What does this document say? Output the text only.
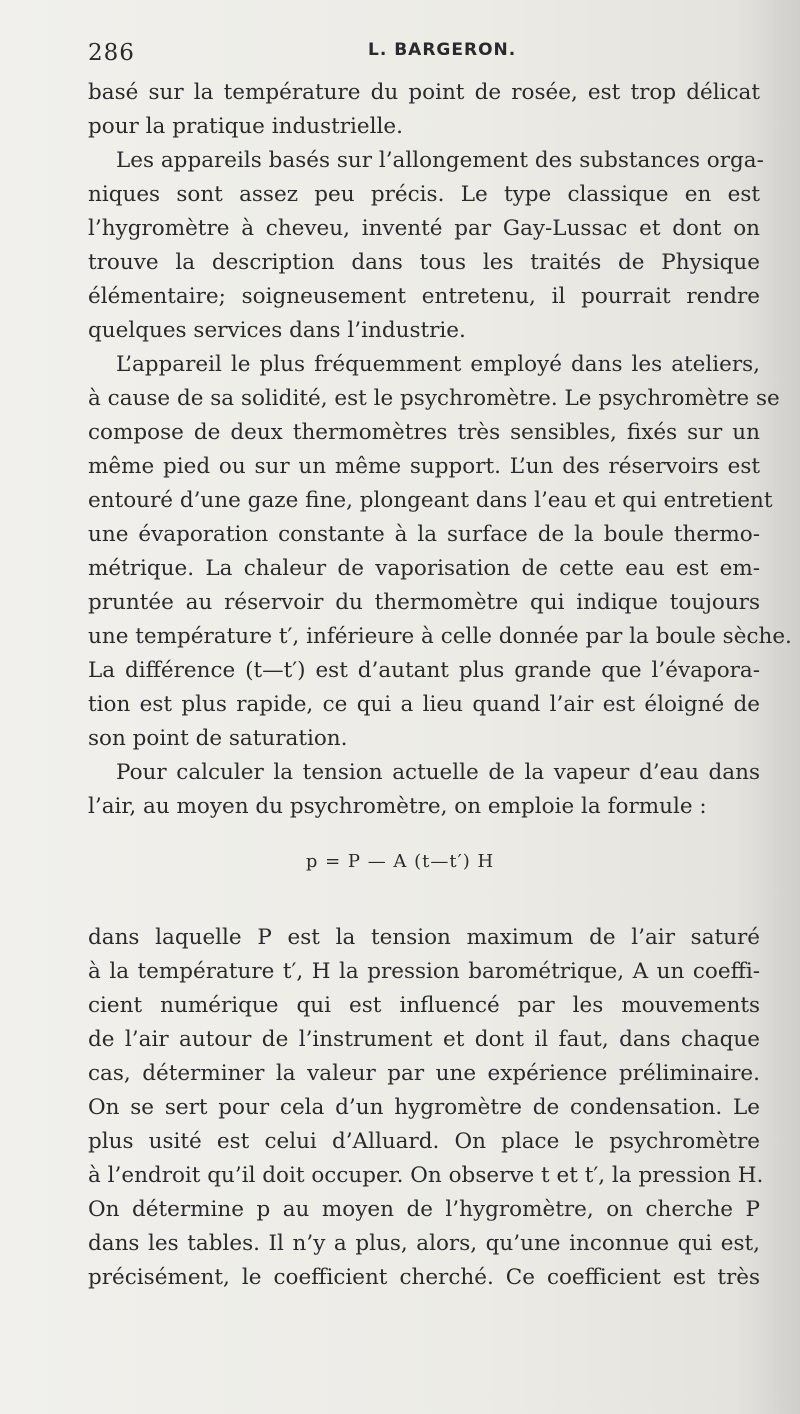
286	L. BARGERON.
basé sur la température du point de rosée, est trop délicat
pour la pratique industrielle.
Les appareils basés sur l’allongement des substances orga-
niques sont assez peu précis. Le type classique en est
l’hygromètre à cheveu, inventé par Gay-Lussac et dont on
trouve la description dans tous les traités de Physique
élémentaire; soigneusement entretenu, il pourrait rendre
quelques services dans l’industrie.
L’appareil le plus fréquemment employé dans les ateliers,
à cause de sa solidité, est le psychromètre. Le psychromètre se
compose de deux thermomètres très sensibles, fixés sur un
même pied ou sur un même support. L’un des réservoirs est
entouré d’une gaze fine, plongeant dans l’eau et qui entretient
une évaporation constante à la surface de la boule thermo-
métrique. La chaleur de vaporisation de cette eau est em-
pruntée au réservoir du thermomètre qui indique toujours
une température t′, inférieure à celle donnée par la boule sèche.
La différence (t—t′) est d’autant plus grande que l’évapora-
tion est plus rapide, ce qui a lieu quand l’air est éloigné de
son point de saturation.
Pour calculer la tension actuelle de la vapeur d’eau dans
l’air, au moyen du psychromètre, on emploie la formule :
p = P — A (t—t′) H
dans laquelle P est la tension maximum de l’air saturé
à la température t′, H la pression barométrique, A un coeffi-
cient numérique qui est influencé par les mouvements
de l’air autour de l’instrument et dont il faut, dans chaque
cas, déterminer la valeur par une expérience préliminaire.
On se sert pour cela d’un hygromètre de condensation. Le
plus usité est celui d’Alluard. On place le psychromètre
à l’endroit qu’il doit occuper. On observe t et t′, la pression H.
On détermine p au moyen de l’hygromètre, on cherche P
dans les tables. Il n’y a plus, alors, qu’une inconnue qui est,
précisément, le coefficient cherché. Ce coefficient est très
